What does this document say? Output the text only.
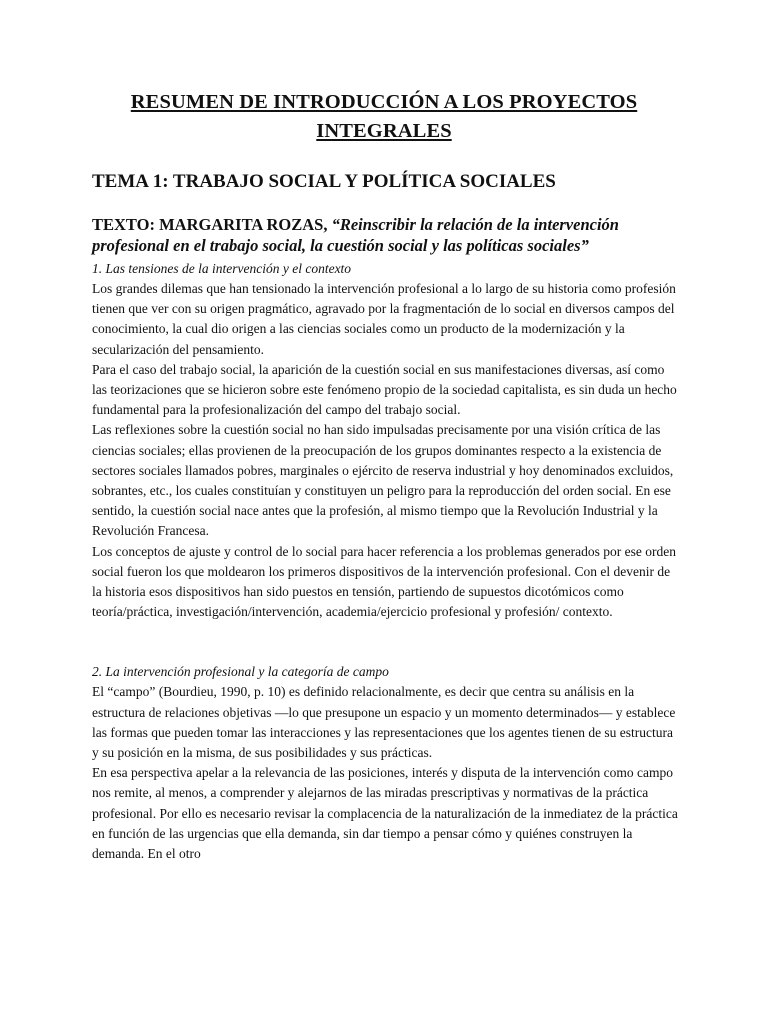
RESUMEN DE INTRODUCCIÓN A LOS PROYECTOS INTEGRALES
TEMA 1: TRABAJO SOCIAL Y POLÍTICA SOCIALES
TEXTO: MARGARITA ROZAS, “Reinscribir la relación de la intervención profesional en el trabajo social, la cuestión social y las políticas sociales”
1. Las tensiones de la intervención y el contexto

Los grandes dilemas que han tensionado la intervención profesional a lo largo de su historia como profesión tienen que ver con su origen pragmático, agravado por la fragmentación de lo social en diversos campos del conocimiento, la cual dio origen a las ciencias sociales como un producto de la modernización y la secularización del pensamiento.

Para el caso del trabajo social, la aparición de la cuestión social en sus manifestaciones diversas, así como las teorizaciones que se hicieron sobre este fenómeno propio de la sociedad capitalista, es sin duda un hecho fundamental para la profesionalización del campo del trabajo social.

Las reflexiones sobre la cuestión social no han sido impulsadas precisamente por una visión crítica de las ciencias sociales; ellas provienen de la preocupación de los grupos dominantes respecto a la existencia de sectores sociales llamados pobres, marginales o ejército de reserva industrial y hoy denominados excluidos, sobrantes, etc., los cuales constituían y constituyen un peligro para la reproducción del orden social. En ese sentido, la cuestión social nace antes que la profesión, al mismo tiempo que la Revolución Industrial y la Revolución Francesa.

Los conceptos de ajuste y control de lo social para hacer referencia a los problemas generados por ese orden social fueron los que moldearon los primeros dispositivos de la intervención profesional. Con el devenir de la historia esos dispositivos han sido puestos en tensión, partiendo de supuestos dicotómicos como teoría/práctica, investigación/intervención, academia/ejercicio profesional y profesión/ contexto.

2. La intervención profesional y la categoría de campo

El “campo” (Bourdieu, 1990, p. 10) es definido relacionalmente, es decir que centra su análisis en la estructura de relaciones objetivas —lo que presupone un espacio y un momento determinados— y establece las formas que pueden tomar las interacciones y las representaciones que los agentes tienen de su estructura y su posición en la misma, de sus posibilidades y sus prácticas.

En esa perspectiva apelar a la relevancia de las posiciones, interés y disputa de la intervención como campo nos remite, al menos, a comprender y alejarnos de las miradas prescriptivas y normativas de la práctica profesional. Por ello es necesario revisar la complacencia de la naturalización de la inmediatez de la práctica en función de las urgencias que ella demanda, sin dar tiempo a pensar cómo y quiénes construyen la demanda. En el otro
